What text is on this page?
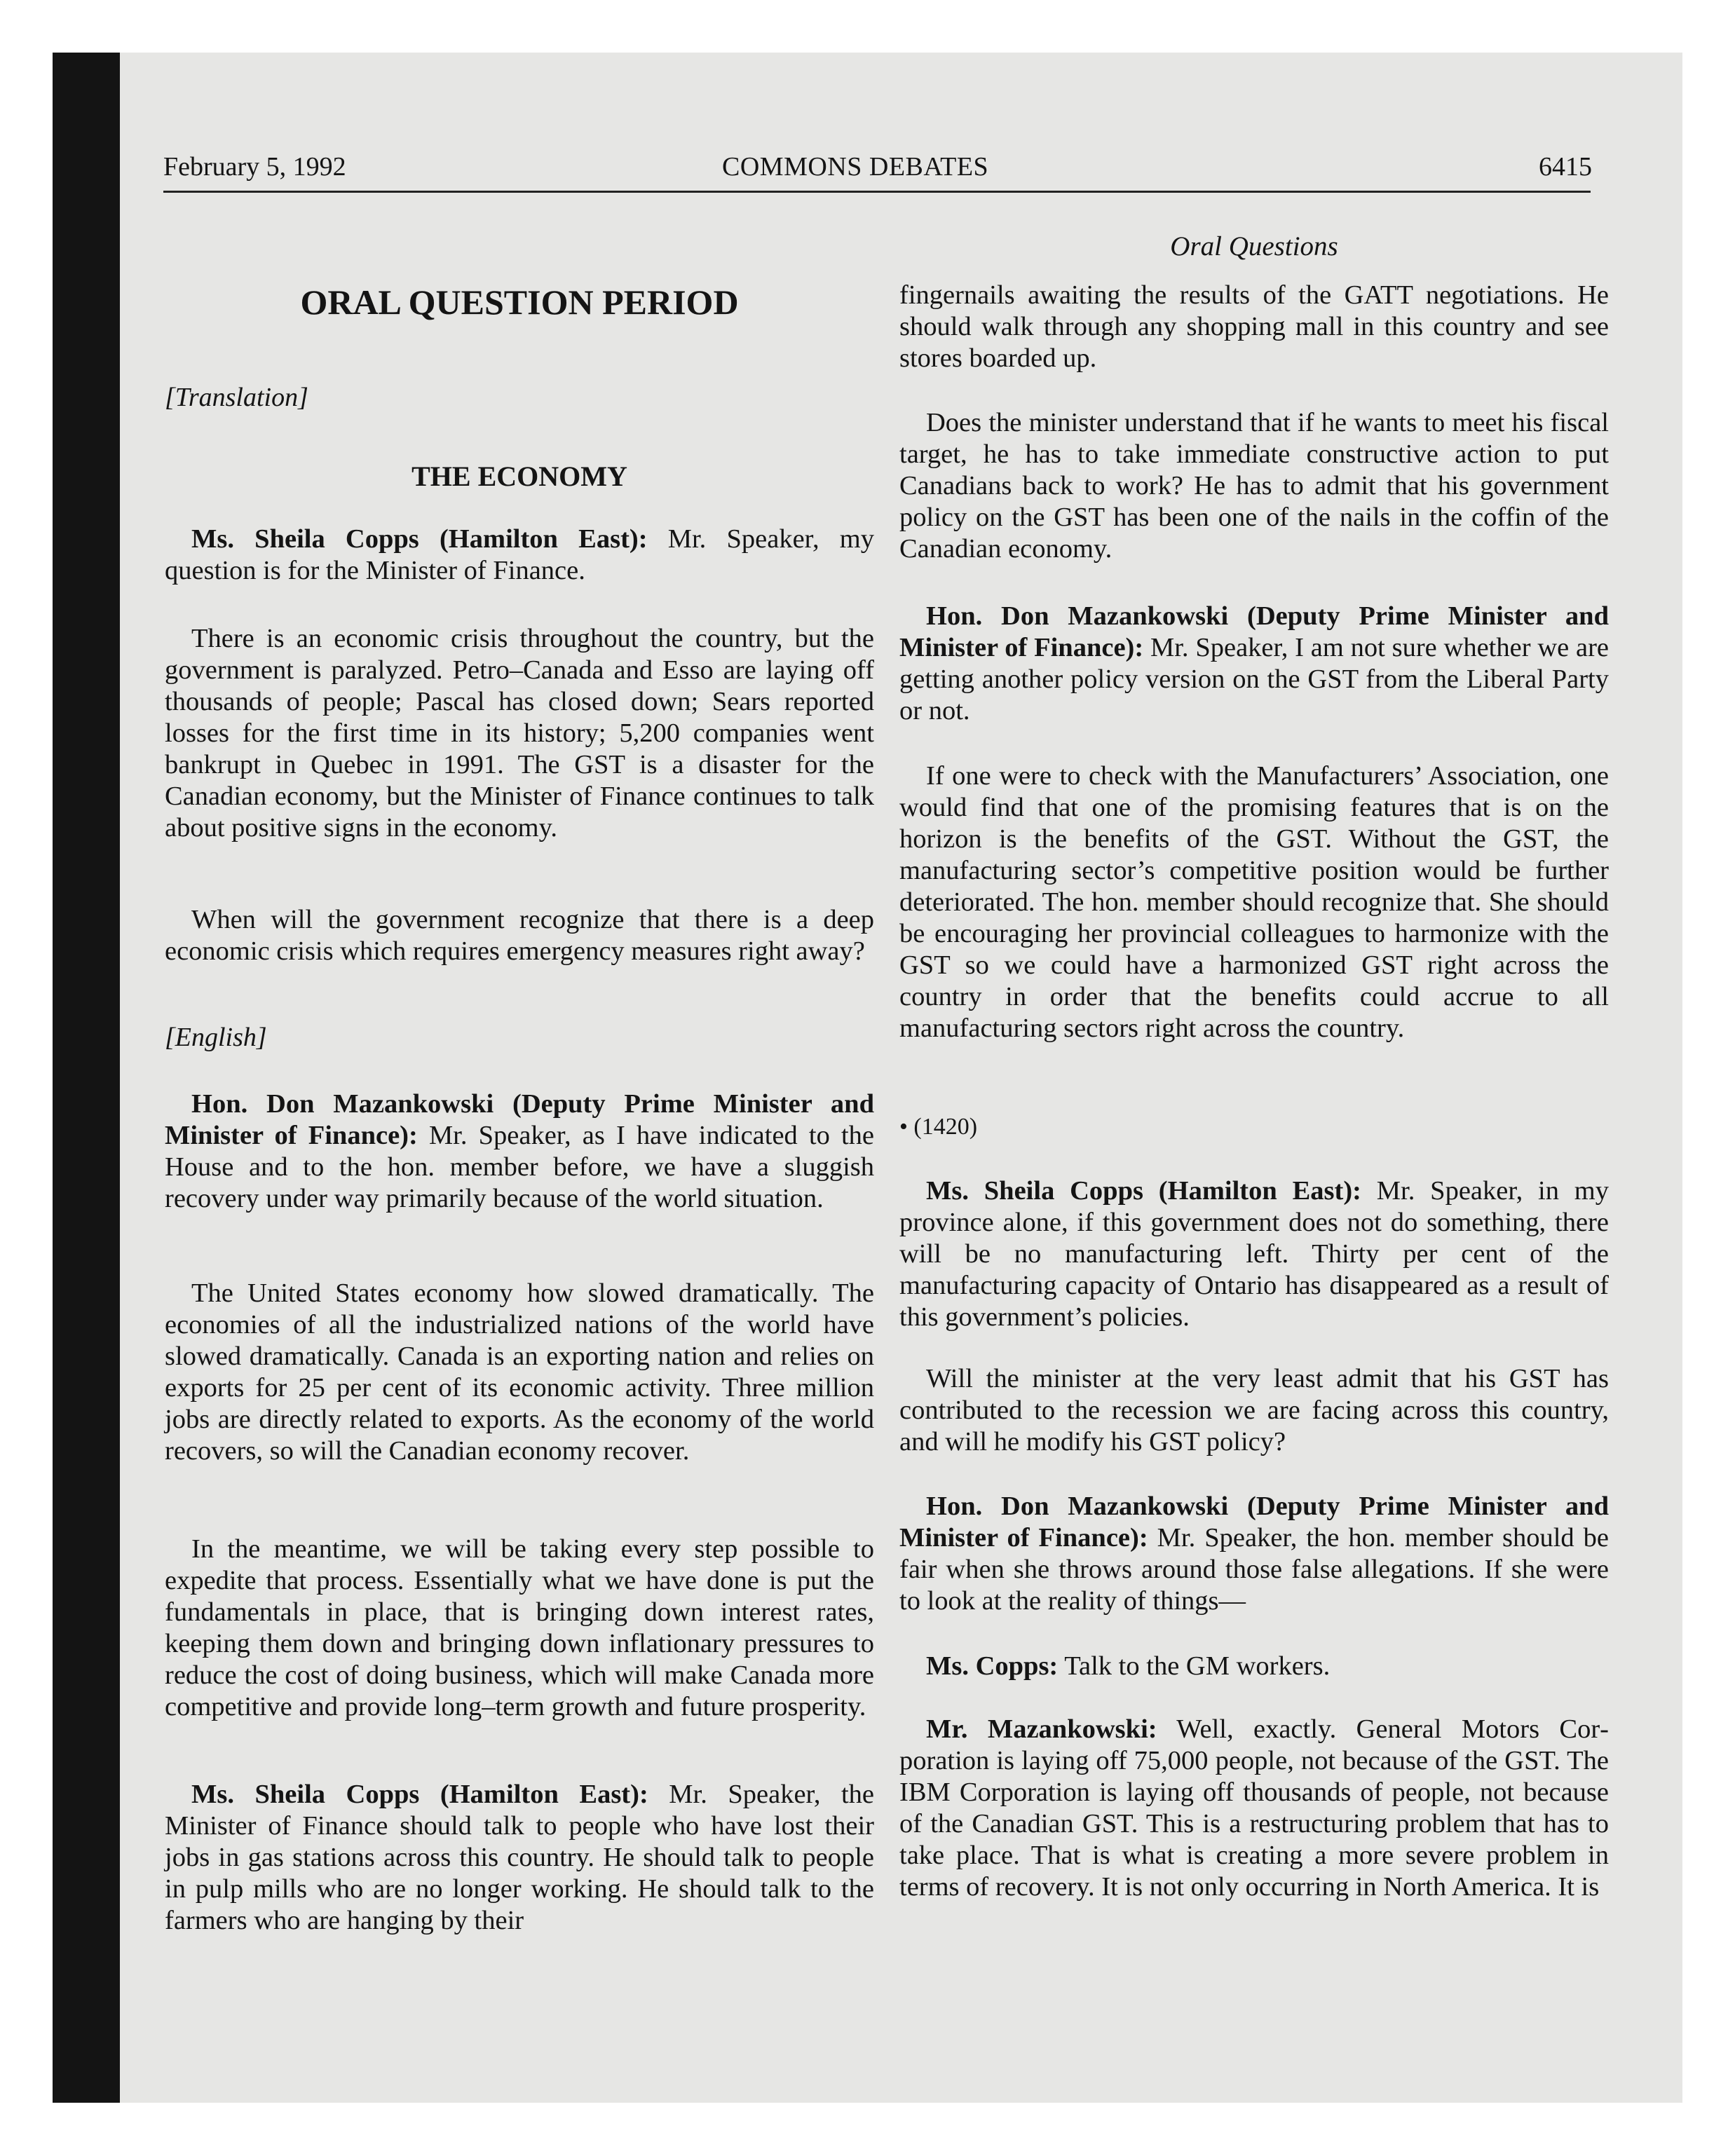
February 5, 1992	COMMONS DEBATES	6415
ORAL QUESTION PERIOD
[Translation]
THE ECONOMY

Ms. Sheila Copps (Hamilton East): Mr. Speaker, my question is for the Minister of Finance.

There is an economic crisis throughout the country, but the government is paralyzed. Petro–Canada and Esso are laying off thousands of people; Pascal has closed down; Sears reported losses for the first time in its history; 5,200 companies went bankrupt in Quebec in 1991. The GST is a disaster for the Canadian economy, but the Minister of Finance continues to talk about positive signs in the economy.

When will the government recognize that there is a deep economic crisis which requires emergency measures right away?

[English]

Hon. Don Mazankowski (Deputy Prime Minister and Minister of Finance): Mr. Speaker, as I have indicated to the House and to the hon. member before, we have a sluggish recovery under way primarily because of the world situation.

The United States economy how slowed dramatically. The economies of all the industrialized nations of the world have slowed dramatically. Canada is an exporting nation and relies on exports for 25 per cent of its economic activity. Three million jobs are directly related to exports. As the economy of the world recovers, so will the Canadian economy recover.

In the meantime, we will be taking every step possible to expedite that process. Essentially what we have done is put the fundamentals in place, that is bringing down interest rates, keeping them down and bringing down inflationary pressures to reduce the cost of doing business, which will make Canada more competitive and provide long–term growth and future prosperity.

Ms. Sheila Copps (Hamilton East): Mr. Speaker, the Minister of Finance should talk to people who have lost their jobs in gas stations across this country. He should talk to people in pulp mills who are no longer working. He should talk to the farmers who are hanging by their

Oral Questions

fingernails awaiting the results of the GATT negotiations. He should walk through any shopping mall in this country and see stores boarded up.

Does the minister understand that if he wants to meet his fiscal target, he has to take immediate constructive action to put Canadians back to work? He has to admit that his government policy on the GST has been one of the nails in the coffin of the Canadian economy.

Hon. Don Mazankowski (Deputy Prime Minister and Minister of Finance): Mr. Speaker, I am not sure whether we are getting another policy version on the GST from the Liberal Party or not.

If one were to check with the Manufacturers’ Association, one would find that one of the promising features that is on the horizon is the benefits of the GST. Without the GST, the manufacturing sector’s competitive position would be further deteriorated. The hon. member should recognize that. She should be encouraging her provincial colleagues to harmonize with the GST so we could have a harmonized GST right across the country in order that the benefits could accrue to all manufacturing sectors right across the country.

• (1420)

Ms. Sheila Copps (Hamilton East): Mr. Speaker, in my province alone, if this government does not do something, there will be no manufacturing left. Thirty per cent of the manufacturing capacity of Ontario has disappeared as a result of this government’s policies.

Will the minister at the very least admit that his GST has contributed to the recession we are facing across this country, and will he modify his GST policy?

Hon. Don Mazankowski (Deputy Prime Minister and Minister of Finance): Mr. Speaker, the hon. member should be fair when she throws around those false allegations. If she were to look at the reality of things—

Ms. Copps: Talk to the GM workers.

Mr. Mazankowski: Well, exactly. General Motors Corporation is laying off 75,000 people, not because of the GST. The IBM Corporation is laying off thousands of people, not because of the Canadian GST. This is a restructuring problem that has to take place. That is what is creating a more severe problem in terms of recovery. It is not only occurring in North America. It is
